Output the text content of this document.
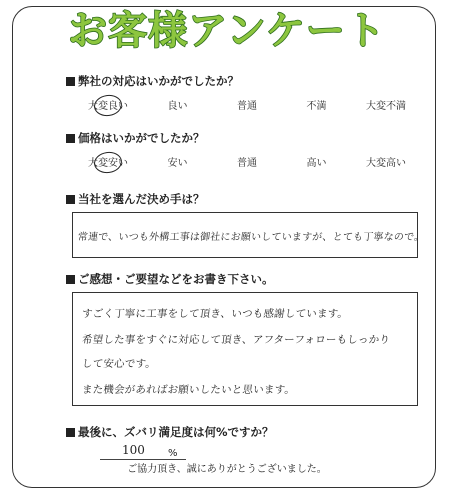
お客様アンケート
弊社の対応はいかがでしたか？
大変良い	良い	普通	不満	大変不満
価格はいかがでしたか？
大変安い	安い	普通	高い	大変高い
当社を選んだ決め手は？
常連で、いつも外構工事は御社にお願いしていますが、とても丁寧なので。
ご感想・ご要望などをお書き下さい。
すごく丁寧に工事をして頂き、いつも感謝しています。
希望した事をすぐに対応して頂き、アフターフォローもしっかり
して安心です。
また機会があればお願いしたいと思います。
最後に、ズバリ満足度は何%ですか？
100 %
ご協力頂き、誠にありがとうございました。
